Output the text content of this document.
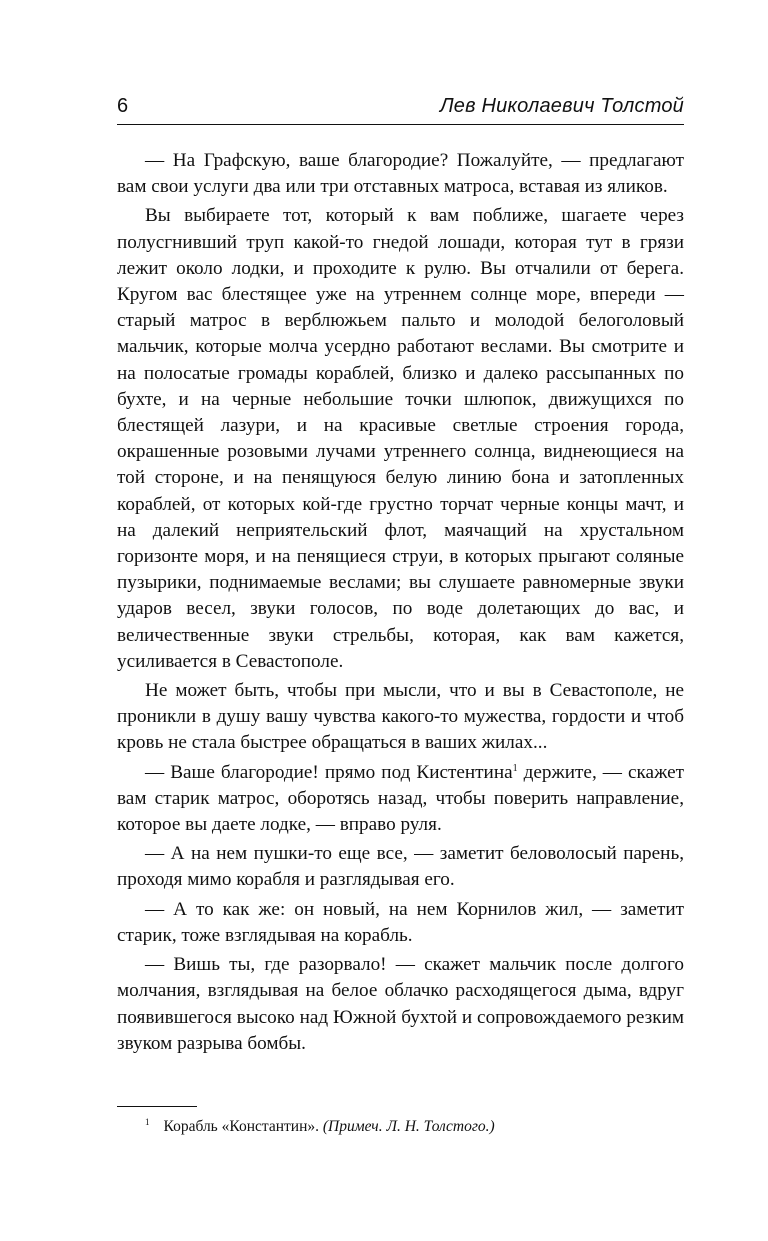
6	Лев Николаевич Толстой

— На Графскую, ваше благородие? Пожалуйте, — предлагают вам свои услуги два или три отставных матроса, вставая из яликов.

Вы выбираете тот, который к вам поближе, шагаете через полусгнивший труп какой-то гнедой лошади, которая тут в грязи лежит около лодки, и проходите к рулю. Вы отчалили от берега. Кругом вас блестящее уже на утреннем солнце море, впереди — старый матрос в верблюжьем пальто и молодой белоголовый мальчик, которые молча усердно работают веслами. Вы смотрите и на полосатые громады кораблей, близко и далеко рассыпанных по бухте, и на черные небольшие точки шлюпок, движущихся по блестящей лазури, и на красивые светлые строения города, окрашенные розовыми лучами утреннего солнца, виднеющиеся на той стороне, и на пенящуюся белую линию бона и затопленных кораблей, от которых кой-где грустно торчат черные концы мачт, и на далекий неприятельский флот, маячащий на хрустальном горизонте моря, и на пенящиеся струи, в которых прыгают соляные пузырики, поднимаемые веслами; вы слушаете равномерные звуки ударов весел, звуки голосов, по воде долетающих до вас, и величественные звуки стрельбы, которая, как вам кажется, усиливается в Севастополе.

Не может быть, чтобы при мысли, что и вы в Севастополе, не проникли в душу вашу чувства какого-то мужества, гордости и чтоб кровь не стала быстрее обращаться в ваших жилах...

— Ваше благородие! прямо под Кистентина$^1$ держите, — скажет вам старик матрос, оборотясь назад, чтобы поверить направление, которое вы даете лодке, — вправо руля.

— А на нем пушки-то еще все, — заметит беловолосый парень, проходя мимо корабля и разглядывая его.

— А то как же: он новый, на нем Корнилов жил, — заметит старик, тоже взглядывая на корабль.

— Вишь ты, где разорвало! — скажет мальчик после долгого молчания, взглядывая на белое облачко расходящегося дыма, вдруг появившегося высоко над Южной бухтой и сопровождаемого резким звуком разрыва бомбы.

$^1$ Корабль «Константин». (Примеч. Л. Н. Толстого.)
